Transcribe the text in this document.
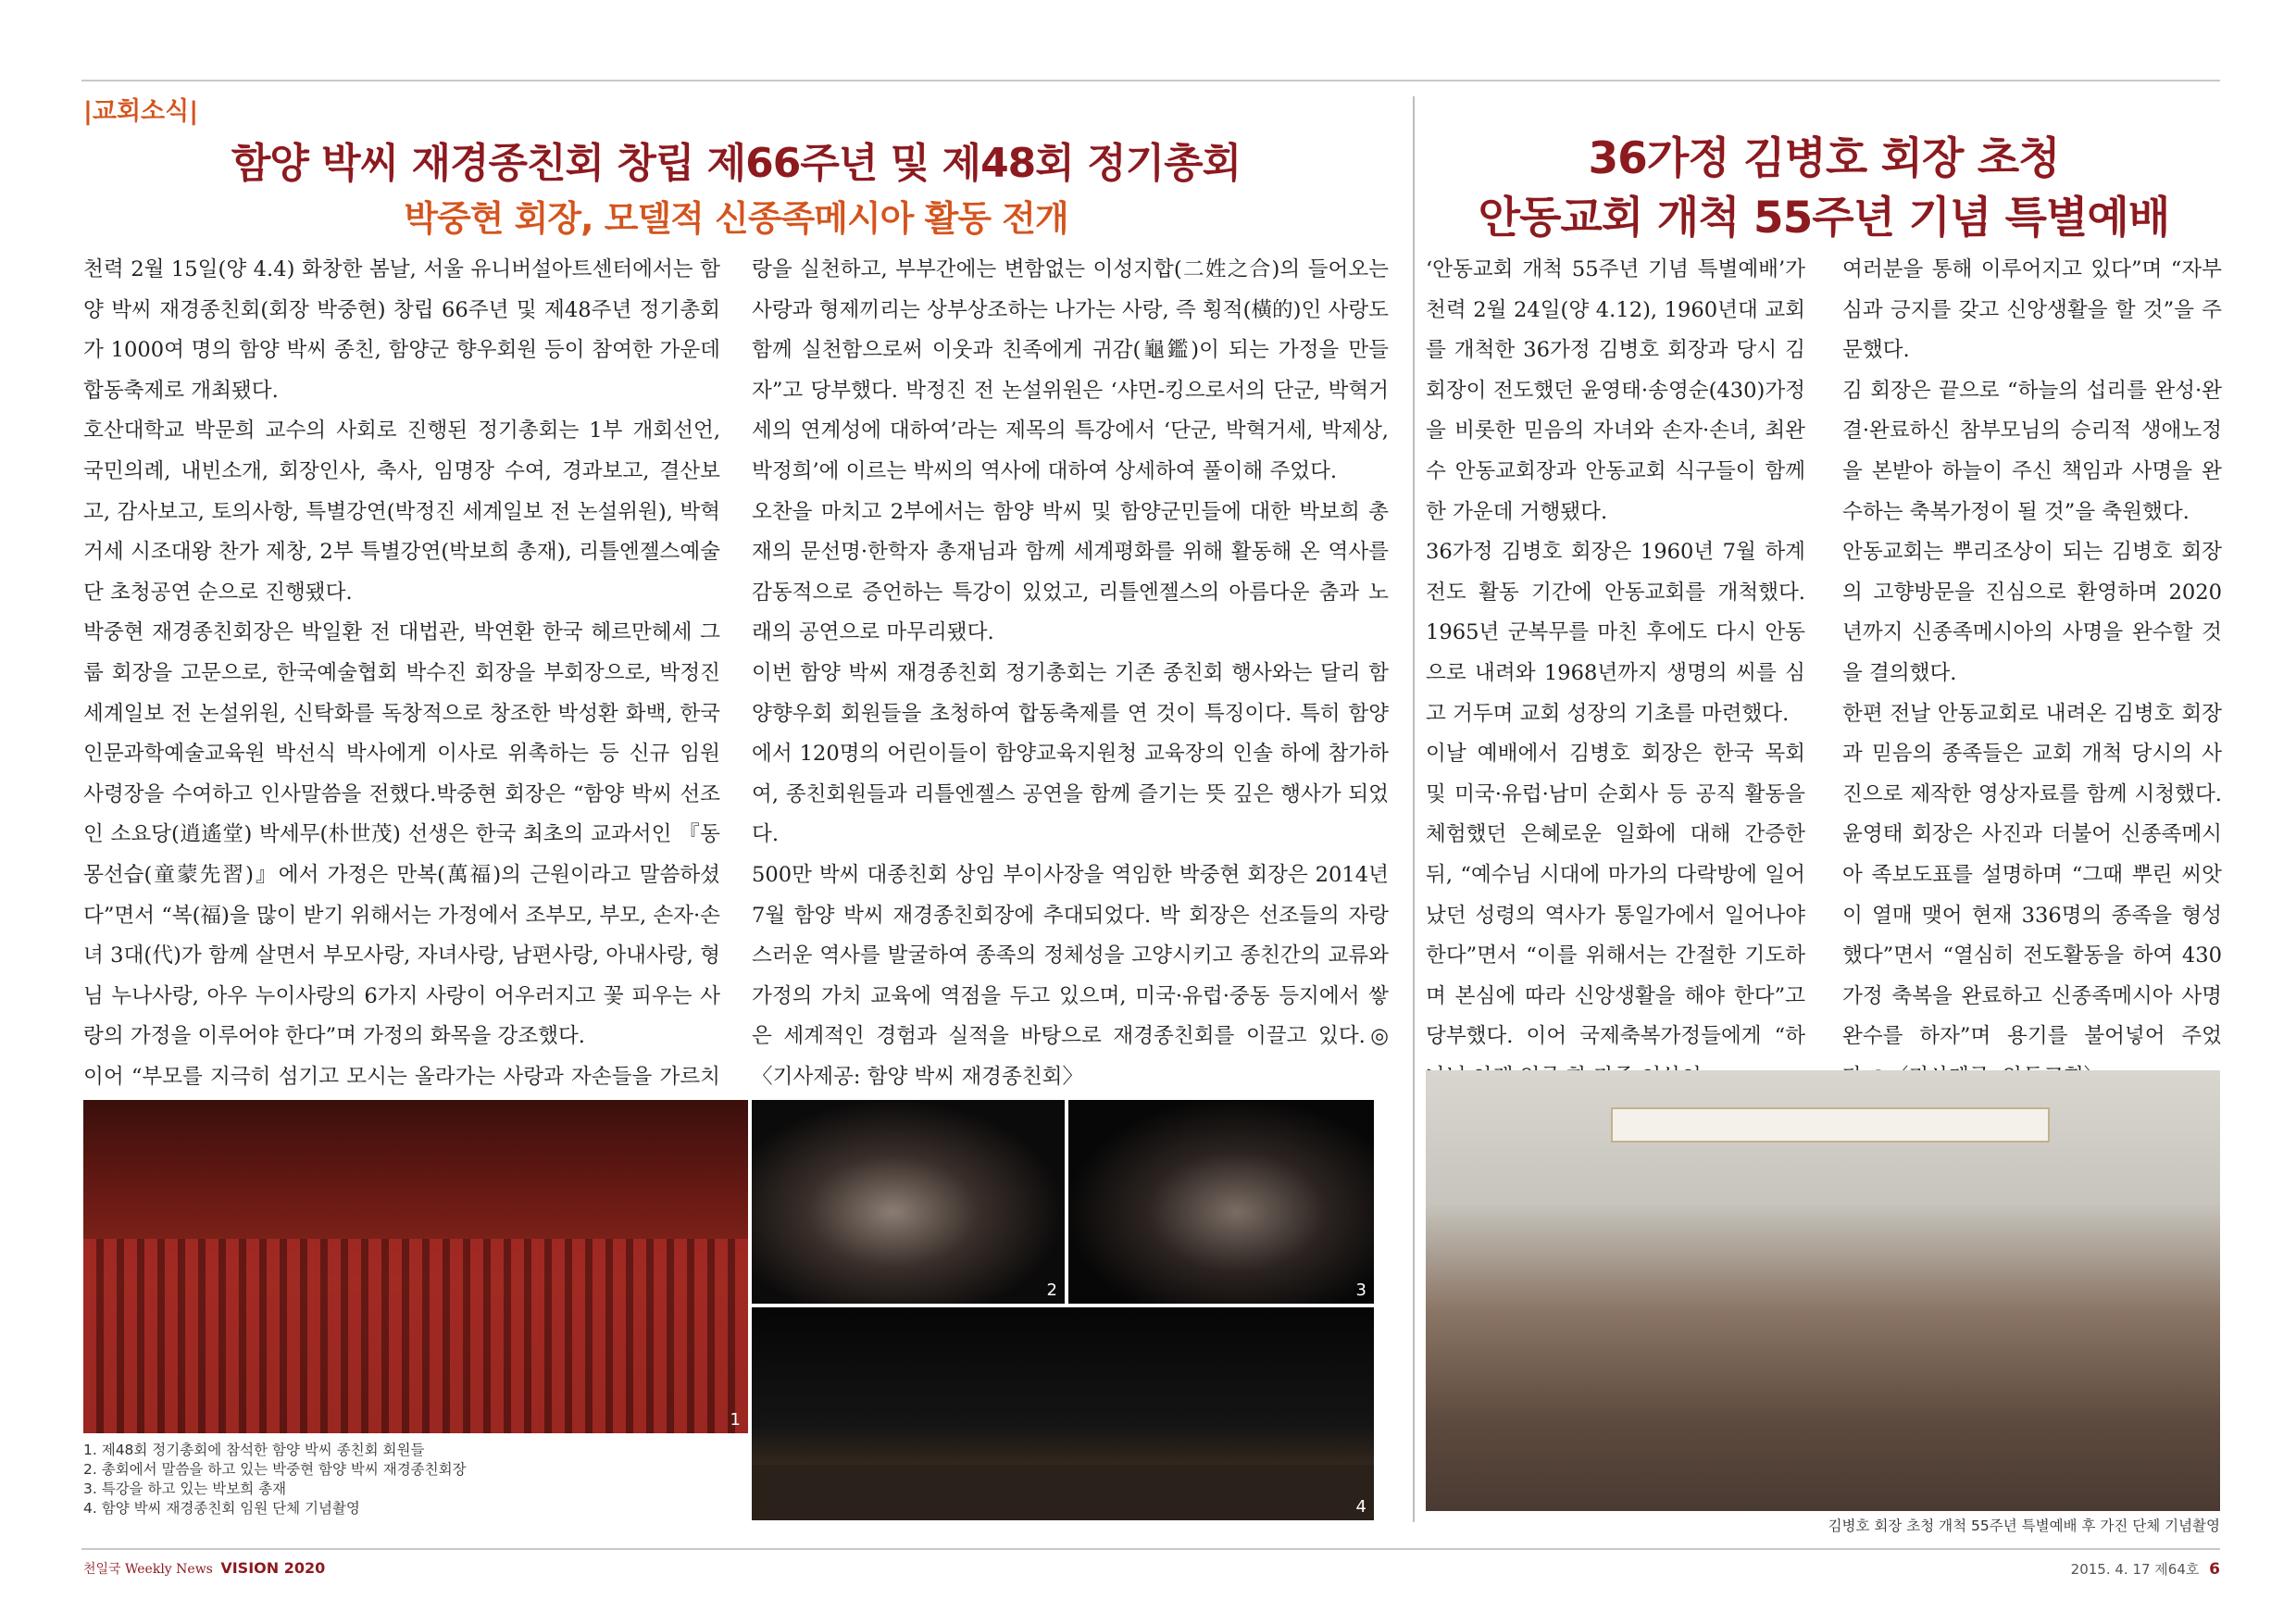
|교회소식|
함양 박씨 재경종친회 창립 제66주년 및 제48회 정기총회
박중현 회장, 모델적 신종족메시아 활동 전개
36가정 김병호 회장 초청
안동교회 개척 55주년 기념 특별예배

천력 2월 15일(양 4.4) 화창한 봄날, 서울 유니버설아트센터에서는 함양 박씨 재경종친회(회장 박중현) 창립 66주년 및 제48주년 정기총회가 1000여 명의 함양 박씨 종친, 함양군 향우회원 등이 참여한 가운데 합동축제로 개최됐다.

호산대학교 박문희 교수의 사회로 진행된 정기총회는 1부 개회선언, 국민의례, 내빈소개, 회장인사, 축사, 임명장 수여, 경과보고, 결산보고, 감사보고, 토의사항, 특별강연(박정진 세계일보 전 논설위원), 박혁거세 시조대왕 찬가 제창, 2부 특별강연(박보희 총재), 리틀엔젤스예술단 초청공연 순으로 진행됐다.

박중현 재경종친회장은 박일환 전 대법관, 박연환 한국 헤르만헤세 그룹 회장을 고문으로, 한국예술협회 박수진 회장을 부회장으로, 박정진 세계일보 전 논설위원, 신탁화를 독창적으로 창조한 박성환 화백, 한국인문과학예술교육원 박선식 박사에게 이사로 위촉하는 등 신규 임원 사령장을 수여하고 인사말씀을 전했다.박중현 회장은 “함양 박씨 선조인 소요당(逍遙堂) 박세무(朴世茂) 선생은 한국 최초의 교과서인 『동몽선습(童蒙先習)』에서 가정은 만복(萬福)의 근원이라고 말씀하셨다”면서 “복(福)을 많이 받기 위해서는 가정에서 조부모, 부모, 손자·손녀 3대(代)가 함께 살면서 부모사랑, 자녀사랑, 남편사랑, 아내사랑, 형님 누나사랑, 아우 누이사랑의 6가지 사랑이 어우러지고 꽃 피우는 사랑의 가정을 이루어야 한다”며 가정의 화목을 강조했다.

이어 “부모를 지극히 섬기고 모시는 올라가는 사랑과 자손들을 가르치

랑을 실천하고, 부부간에는 변함없는 이성지합(二姓之合)의 들어오는 사랑과 형제끼리는 상부상조하는 나가는 사랑, 즉 횡적(橫的)인 사랑도 함께 실천함으로써 이웃과 친족에게 귀감(龜鑑)이 되는 가정을 만들자”고 당부했다. 박정진 전 논설위원은 ‘샤먼-킹으로서의 단군, 박혁거세의 연계성에 대하여’라는 제목의 특강에서 ‘단군, 박혁거세, 박제상, 박정희’에 이르는 박씨의 역사에 대하여 상세하여 풀이해 주었다.

오찬을 마치고 2부에서는 함양 박씨 및 함양군민들에 대한 박보희 총재의 문선명·한학자 총재님과 함께 세계평화를 위해 활동해 온 역사를 감동적으로 증언하는 특강이 있었고, 리틀엔젤스의 아름다운 춤과 노래의 공연으로 마무리됐다.

이번 함양 박씨 재경종친회 정기총회는 기존 종친회 행사와는 달리 함양향우회 회원들을 초청하여 합동축제를 연 것이 특징이다. 특히 함양에서 120명의 어린이들이 함양교육지원청 교육장의 인솔 하에 참가하여, 종친회원들과 리틀엔젤스 공연을 함께 즐기는 뜻 깊은 행사가 되었다.

500만 박씨 대종친회 상임 부이사장을 역임한 박중현 회장은 2014년 7월 함양 박씨 재경종친회장에 추대되었다. 박 회장은 선조들의 자랑스러운 역사를 발굴하여 종족의 정체성을 고양시키고 종친간의 교류와 가정의 가치 교육에 역점을 두고 있으며, 미국·유럽·중동 등지에서 쌓은 세계적인 경험과 실적을 바탕으로 재경종친회를 이끌고 있다.◎〈기사제공: 함양 박씨 재경종친회〉

‘안동교회 개척 55주년 기념 특별예배’가 천력 2월 24일(양 4.12), 1960년대 교회를 개척한 36가정 김병호 회장과 당시 김 회장이 전도했던 윤영태·송영순(430)가정을 비롯한 믿음의 자녀와 손자·손녀, 최완수 안동교회장과 안동교회 식구들이 함께 한 가운데 거행됐다.

36가정 김병호 회장은 1960년 7월 하계 전도 활동 기간에 안동교회를 개척했다. 1965년 군복무를 마친 후에도 다시 안동으로 내려와 1968년까지 생명의 씨를 심고 거두며 교회 성장의 기초를 마련했다.

이날 예배에서 김병호 회장은 한국 목회 및 미국·유럽·남미 순회사 등 공직 활동을 체험했던 은혜로운 일화에 대해 간증한 뒤, “예수님 시대에 마가의 다락방에 일어났던 성령의 역사가 통일가에서 일어나야 한다”면서 “이를 위해서는 간절한 기도하며 본심에 따라 신앙생활을 해야 한다”고 당부했다. 이어 국제축복가정들에게 “하

여러분을 통해 이루어지고 있다”며 “자부심과 긍지를 갖고 신앙생활을 할 것”을 주문했다.

김 회장은 끝으로 “하늘의 섭리를 완성·완결·완료하신 참부모님의 승리적 생애노정을 본받아 하늘이 주신 책임과 사명을 완수하는 축복가정이 될 것”을 축원했다.

안동교회는 뿌리조상이 되는 김병호 회장의 고향방문을 진심으로 환영하며 2020년까지 신종족메시아의 사명을 완수할 것을 결의했다.

한편 전날 안동교회로 내려온 김병호 회장과 믿음의 종족들은 교회 개척 당시의 사진으로 제작한 영상자료를 함께 시청했다. 윤영태 회장은 사진과 더불어 신종족메시아 족보도표를 설명하며 “그때 뿌린 씨앗이 열매 맺어 현재 336명의 종족을 형성했다”면서 “열심히 전도활동을 하여 430가정 축복을 완료하고 신종족메시아 사명완수를 하자”며 용기를 불어넣어 주었

1
2	3
4
1. 제48회 정기총회에 참석한 함양 박씨 종친회 회원들
2. 총회에서 말씀을 하고 있는 박중현 함양 박씨 재경종친회장
3. 특강을 하고 있는 박보희 총재
4. 함양 박씨 재경종친회 임원 단체 기념촬영
김병호 회장 초청 개척 55주년 특별예배 후 가진 단체 기념촬영
천일국 Weekly News VISION 2020	2015. 4. 17 제64호 6
